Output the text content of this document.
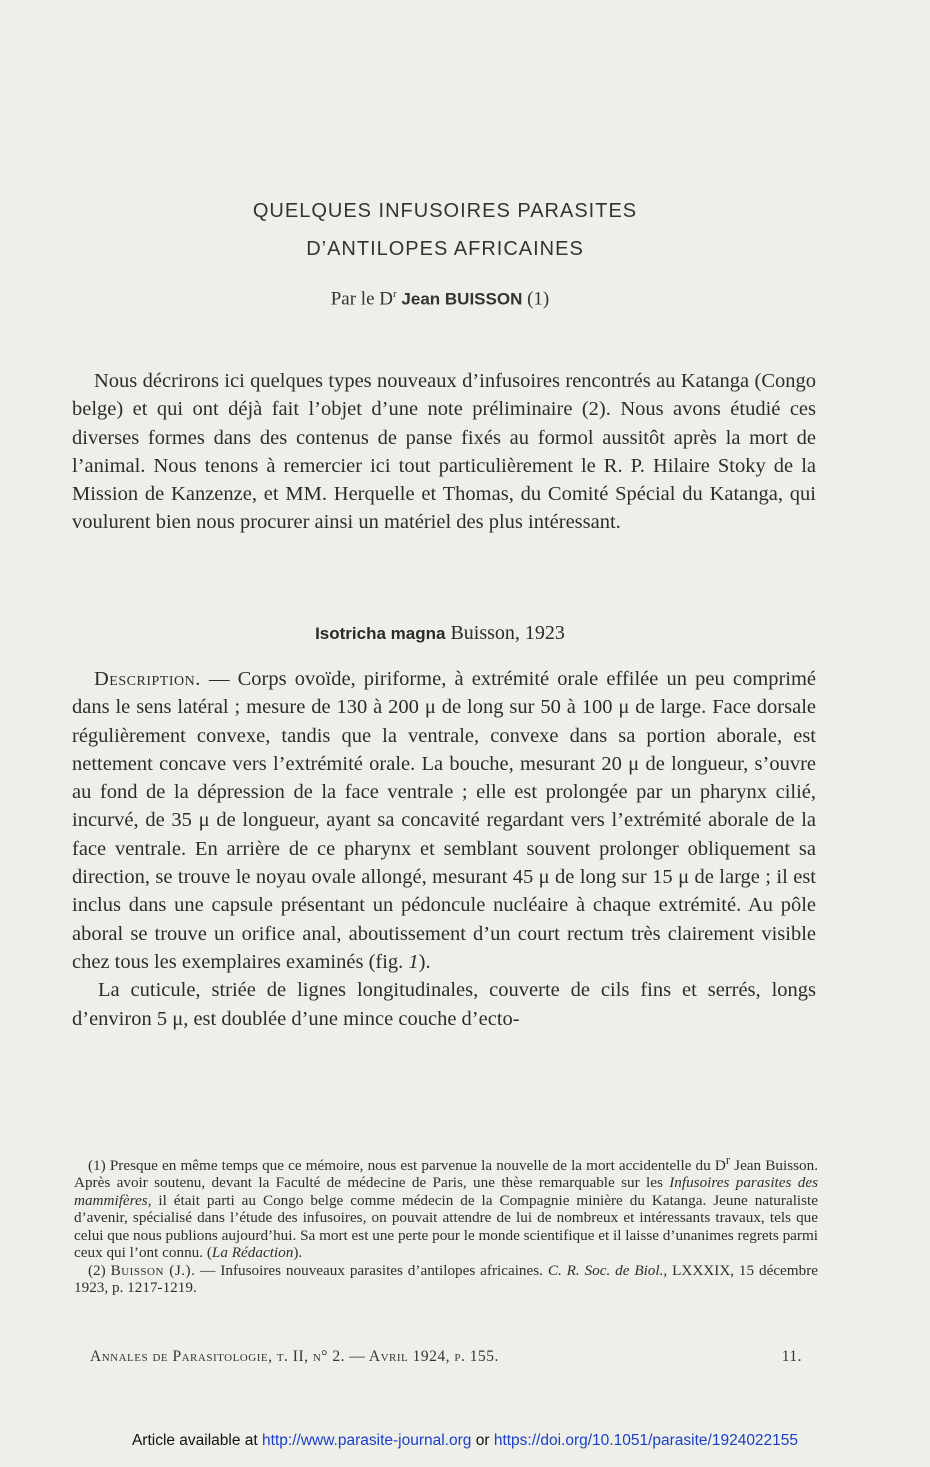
QUELQUES INFUSOIRES PARASITES
D’ANTILOPES AFRICAINES
Par le $D^r$ Jean BUISSON (1)

Nous décrirons ici quelques types nouveaux d’infusoires rencontrés au Katanga (Congo belge) et qui ont déjà fait l’objet d’une note préliminaire (2). Nous avons étudié ces diverses formes dans des contenus de panse fixés au formol aussitôt après la mort de l’animal. Nous tenons à remercier ici tout particulièrement le R. P. Hilaire Stoky de la Mission de Kanzenze, et MM. Herquelle et Thomas, du Comité Spécial du Katanga, qui voulurent bien nous procurer ainsi un matériel des plus intéressant.

Isotricha magna Buisson, 1923

Description. — Corps ovoïde, piriforme, à extrémité orale effilée un peu comprimé dans le sens latéral ; mesure de 130 à 200 μ de long sur 50 à 100 μ de large. Face dorsale régulièrement convexe, tandis que la ventrale, convexe dans sa portion aborale, est nettement concave vers l’extrémité orale. La bouche, mesurant 20 μ de longueur, s’ouvre au fond de la dépression de la face ventrale ; elle est prolongée par un pharynx cilié, incurvé, de 35 μ de longueur, ayant sa concavité regardant vers l’extrémité aborale de la face ventrale. En arrière de ce pharynx et semblant souvent prolonger obliquement sa direction, se trouve le noyau ovale allongé, mesurant 45 μ de long sur 15 μ de large ; il est inclus dans une capsule présentant un pédoncule nucléaire à chaque extrémité. Au pôle aboral se trouve un orifice anal, aboutissement d’un court rectum très clairement visible chez tous les exemplaires examinés (fig. 1).

La cuticule, striée de lignes longitudinales, couverte de cils fins et serrés, longs d’environ 5 μ, est doublée d’une mince couche d’ecto-

(1) Presque en même temps que ce mémoire, nous est parvenue la nouvelle de la mort accidentelle du $D^r$ Jean Buisson. Après avoir soutenu, devant la Faculté de médecine de Paris, une thèse remarquable sur les Infusoires parasites des mammifères, il était parti au Congo belge comme médecin de la Compagnie minière du Katanga. Jeune naturaliste d’avenir, spécialisé dans l’étude des infusoires, on pouvait attendre de lui de nombreux et intéressants travaux, tels que celui que nous publions aujourd’hui. Sa mort est une perte pour le monde scientifique et il laisse d’unanimes regrets parmi ceux qui l’ont connu. (La Rédaction).

(2) Buisson (J.). — Infusoires nouveaux parasites d’antilopes africaines. C. R. Soc. de Biol., LXXXIX, 15 décembre 1923, p. 1217-1219.

Annales de Parasitologie, t. II, n° 2. — Avril 1924, p. 155.	11.
Article available at http://www.parasite-journal.org or https://doi.org/10.1051/parasite/1924022155
